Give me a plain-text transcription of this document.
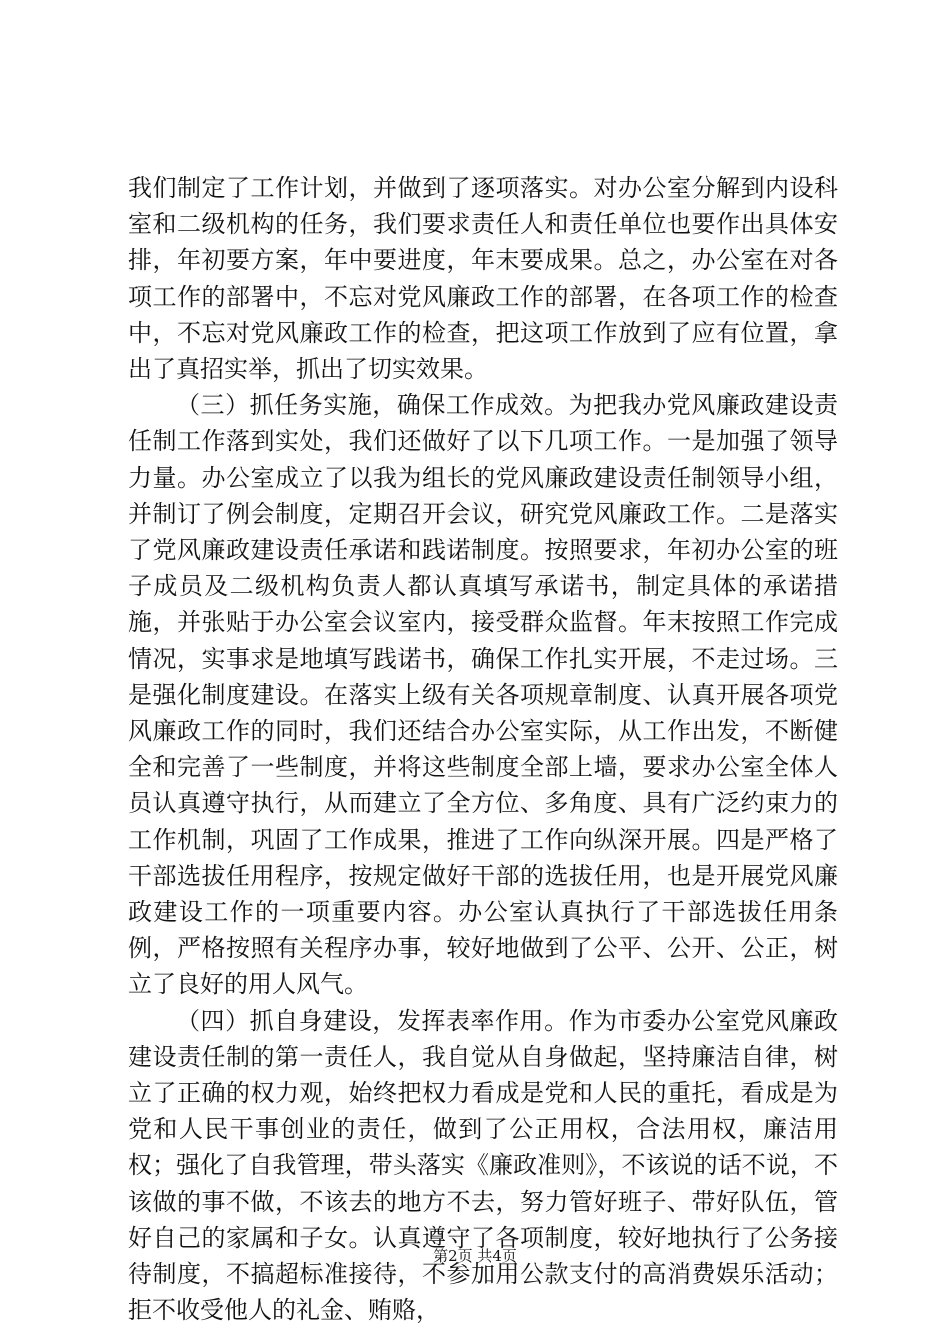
我们制定了工作计划，并做到了逐项落实。对办公室分解到内设科室和二级机构的任务，我们要求责任人和责任单位也要作出具体安排，年初要方案，年中要进度，年末要成果。总之，办公室在对各项工作的部署中，不忘对党风廉政工作的部署，在各项工作的检查中，不忘对党风廉政工作的检查，把这项工作放到了应有位置，拿出了真招实举，抓出了切实效果。

（三）抓任务实施，确保工作成效。为把我办党风廉政建设责任制工作落到实处，我们还做好了以下几项工作。一是加强了领导力量。办公室成立了以我为组长的党风廉政建设责任制领导小组，并制订了例会制度，定期召开会议，研究党风廉政工作。二是落实了党风廉政建设责任承诺和践诺制度。按照要求，年初办公室的班子成员及二级机构负责人都认真填写承诺书，制定具体的承诺措施，并张贴于办公室会议室内，接受群众监督。年末按照工作完成情况，实事求是地填写践诺书，确保工作扎实开展，不走过场。三是强化制度建设。在落实上级有关各项规章制度、认真开展各项党风廉政工作的同时，我们还结合办公室实际，从工作出发，不断健全和完善了一些制度，并将这些制度全部上墙，要求办公室全体人员认真遵守执行，从而建立了全方位、多角度、具有广泛约束力的工作机制，巩固了工作成果，推进了工作向纵深开展。四是严格了干部选拔任用程序，按规定做好干部的选拔任用，也是开展党风廉政建设工作的一项重要内容。办公室认真执行了干部选拔任用条例，严格按照有关程序办事，较好地做到了公平、公开、公正，树立了良好的用人风气。

（四）抓自身建设，发挥表率作用。作为市委办公室党风廉政建设责任制的第一责任人，我自觉从自身做起，坚持廉洁自律，树立了正确的权力观，始终把权力看成是党和人民的重托，看成是为党和人民干事创业的责任，做到了公正用权，合法用权，廉洁用权；强化了自我管理，带头落实《廉政准则》，不该说的话不说，不该做的事不做，不该去的地方不去，努力管好班子、带好队伍，管好自己的家属和子女。认真遵守了各项制度，较好地执行了公务接待制度，不搞超标准接待，不参加用公款支付的高消费娱乐活动；拒不收受他人的礼金、贿赂，

第2页 共4页
